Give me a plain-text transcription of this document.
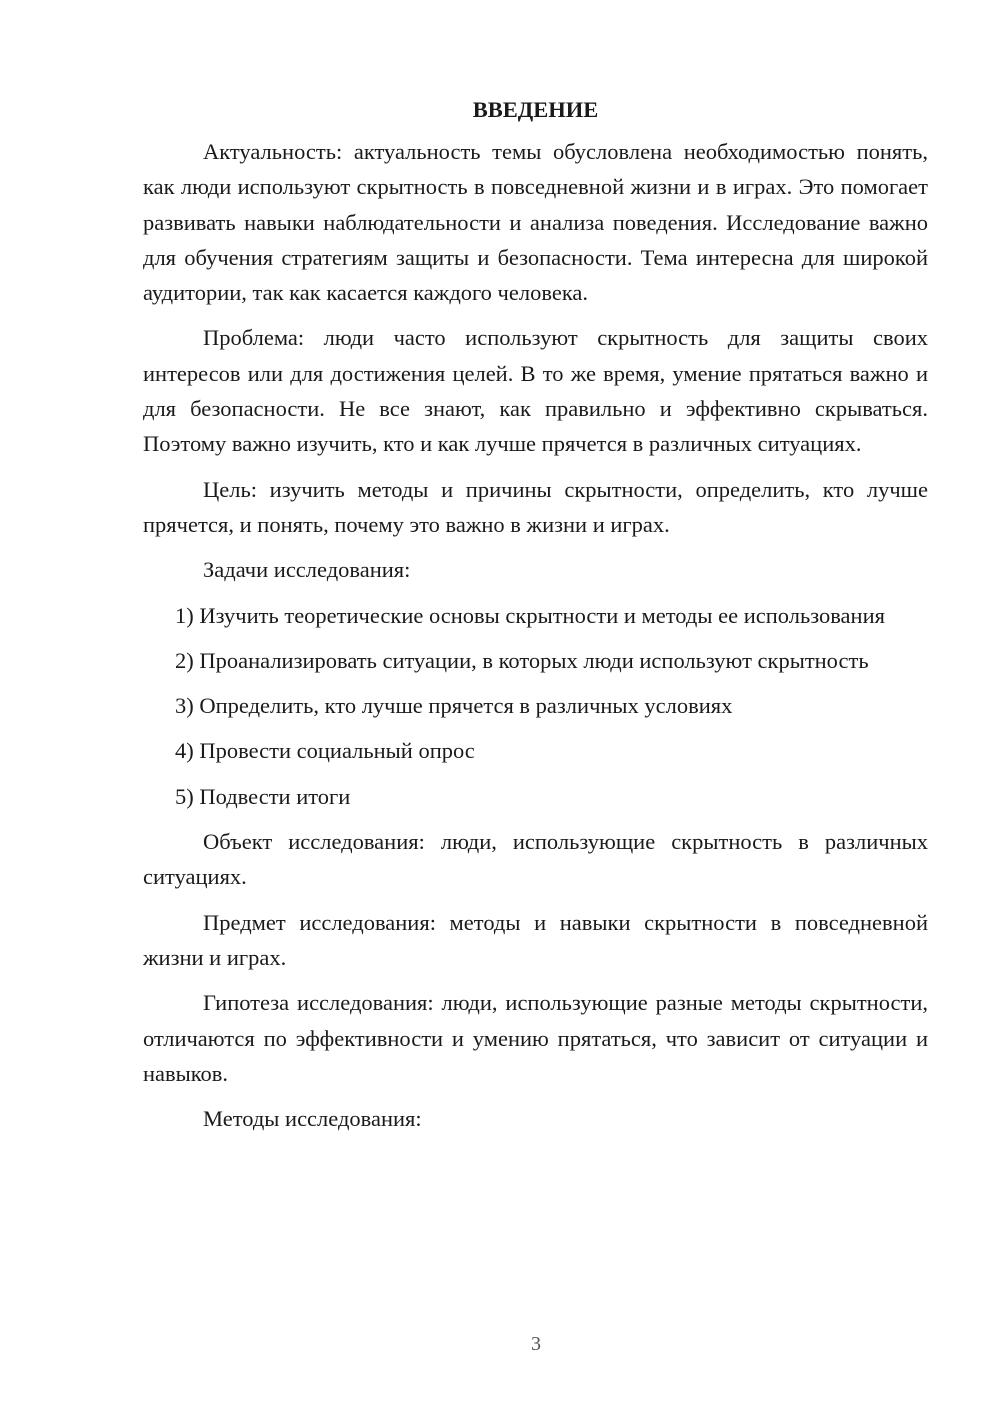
ВВЕДЕНИЕ

Актуальность: актуальность темы обусловлена необходимостью понять, как люди используют скрытность в повседневной жизни и в играх. Это помогает развивать навыки наблюдательности и анализа поведения. Исследование важно для обучения стратегиям защиты и безопасности. Тема интересна для широкой аудитории, так как касается каждого человека.

Проблема: люди часто используют скрытность для защиты своих интересов или для достижения целей. В то же время, умение прятаться важно и для безопасности. Не все знают, как правильно и эффективно скрываться. Поэтому важно изучить, кто и как лучше прячется в различных ситуациях.

Цель: изучить методы и причины скрытности, определить, кто лучше прячется, и понять, почему это важно в жизни и играх.

Задачи исследования:

1) Изучить теоретические основы скрытности и методы ее использования

2) Проанализировать ситуации, в которых люди используют скрытность

3) Определить, кто лучше прячется в различных условиях

4) Провести социальный опрос

5) Подвести итоги

Объект исследования: люди, использующие скрытность в различных ситуациях.

Предмет исследования: методы и навыки скрытности в повседневной жизни и играх.

Гипотеза исследования: люди, использующие разные методы скрытности, отличаются по эффективности и умению прятаться, что зависит от ситуации и навыков.

Методы исследования:

3
